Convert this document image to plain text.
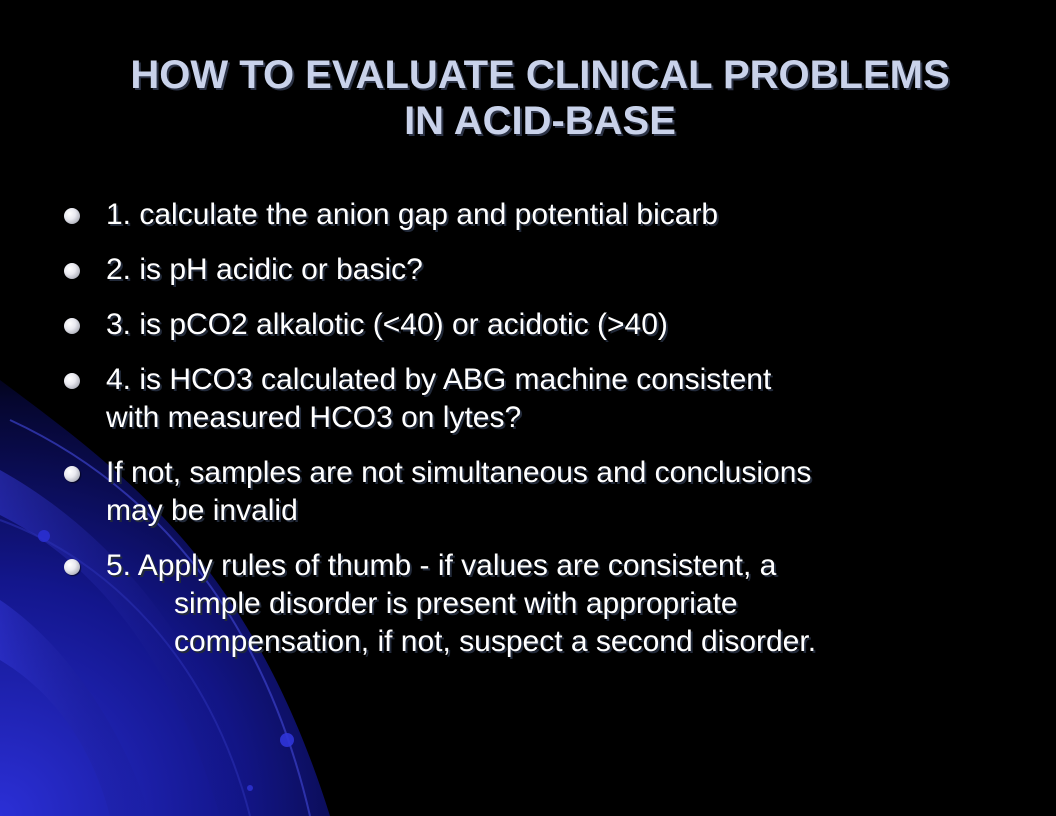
HOW TO EVALUATE CLINICAL PROBLEMS
IN ACID-BASE
1. calculate the anion gap and potential bicarb
2. is pH acidic or basic?
3. is pCO2 alkalotic (<40) or acidotic (>40)
4. is HCO3 calculated by ABG machine consistent
with measured HCO3 on lytes?
If not, samples are not simultaneous and conclusions
may be invalid
5. Apply rules of thumb - if values are consistent, a
simple disorder is present with appropriate
compensation, if not, suspect a second disorder.
